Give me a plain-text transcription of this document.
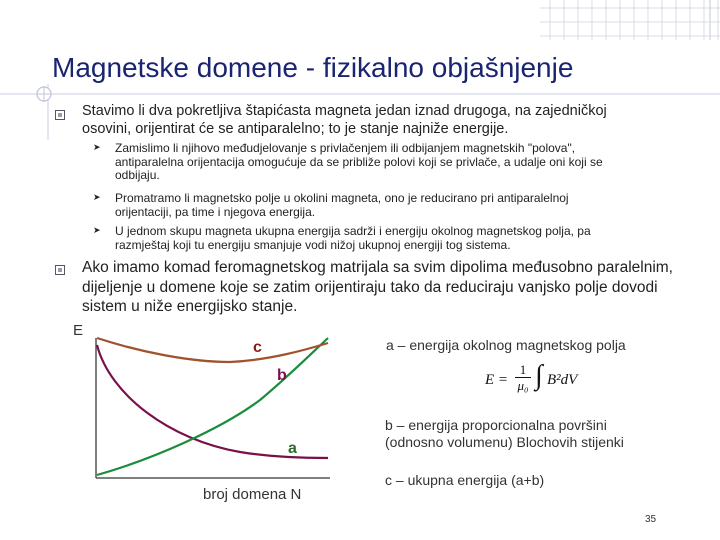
Magnetske domene - fizikalno objašnjenje
Stavimo li dva pokretljiva štapićasta magneta jedan iznad drugoga, na zajedničkoj
osovini, orijentirat će se antiparalelno; to je stanje najniže energije.
➤ Zamislimo li njihovo međudjelovanje s privlačenjem ili odbijanjem magnetskih "polova",
antiparalelna orijentacija omogućuje da se približe polovi koji se privlače, a udalje oni koji se
odbijaju.
➤ Promatramo li magnetsko polje u okolini magneta, ono je reducirano pri antiparalelnoj
orijentaciji, pa time i njegova energija.
➤ U jednom skupu magneta ukupna energija sadrži i energiju okolnog magnetskog polja, pa
razmještaj koji tu energiju smanjuje vodi nižoj ukupnoj energiji tog sistema.
Ako imamo komad feromagnetskog matrijala sa svim dipolima međusobno paralelnim, dijeljenje u domene koje se zatim orijentiraju tako da reduciraju vanjsko polje dovodi sistem u niže energijsko stanje.
E
broj domena N
c
b
a
a – energija okolnog magnetskog polja
$E = \frac{1}{\text{μ₀}}$ ∫ B²dV
b – energija proporcionalna površini
(odnosno volumenu) Blochovih stijenki
c – ukupna energija (a+b)
35
